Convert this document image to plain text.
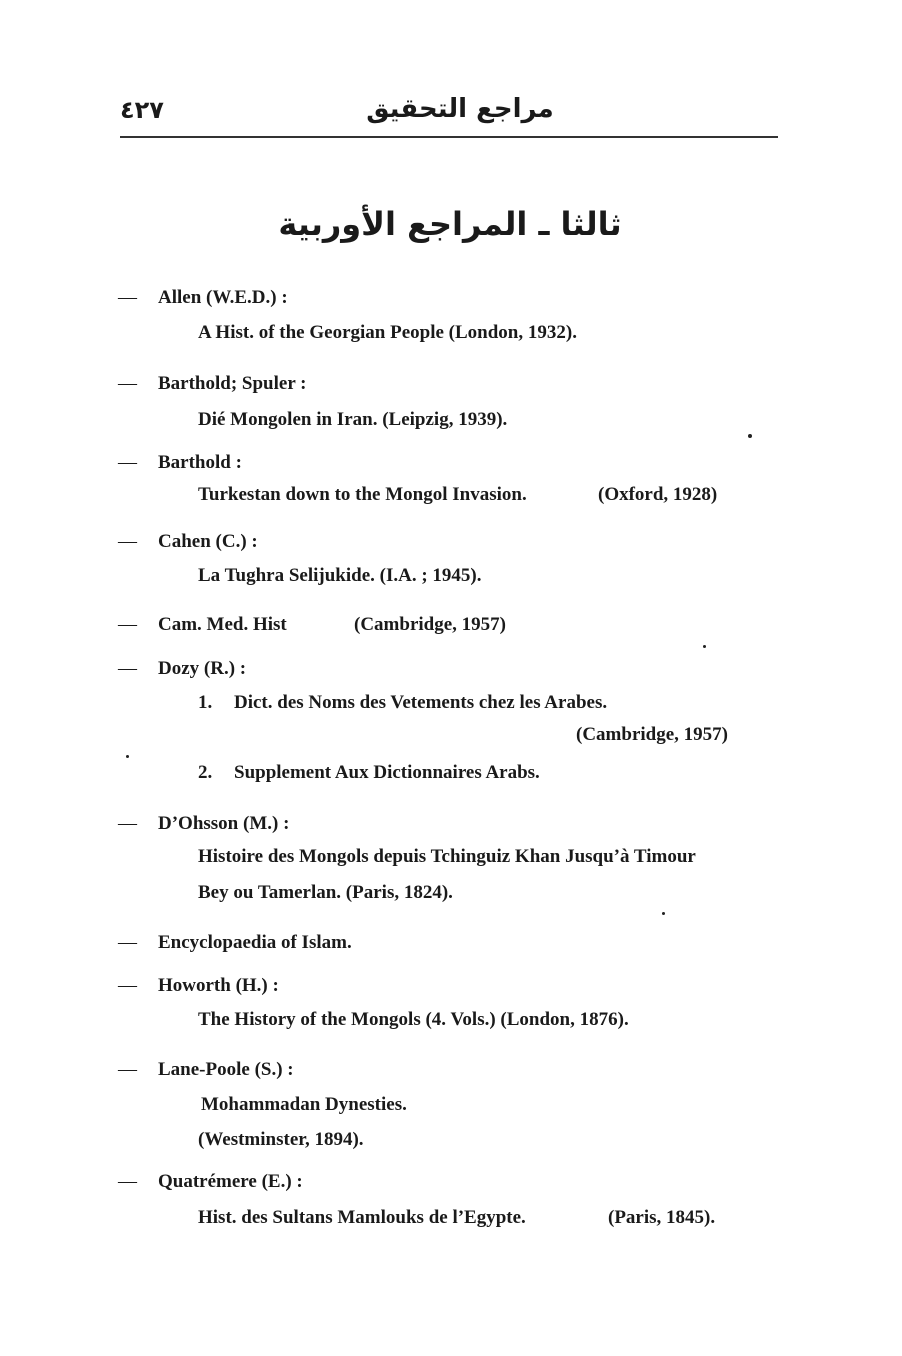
٤٢٧	مراجع التحقيق
ثالثا ـ المراجع الأوربية
— Allen (W.E.D.) :
A Hist. of the Georgian People (London, 1932).
— Barthold; Spuler :
Dié Mongolen in Iran. (Leipzig, 1939).
— Barthold :
Turkestan down to the Mongol Invasion.	(Oxford, 1928)
— Cahen (C.) :
La Tughra Selijukide. (I.A. ; 1945).
— Cam. Med. Hist	(Cambridge, 1957)
— Dozy (R.) :
1. Dict. des Noms des Vetements chez les Arabes.
(Cambridge, 1957)
2. Supplement Aux Dictionnaires Arabs.
— D’Ohsson (M.) :
Histoire des Mongols depuis Tchinguiz Khan Jusqu’à Timour
Bey ou Tamerlan. (Paris, 1824).
— Encyclopaedia of Islam.
— Howorth (H.) :
The History of the Mongols (4. Vols.) (London, 1876).
— Lane-Poole (S.) :
Mohammadan Dynesties.
(Westminster, 1894).
— Quatrémere (E.) :
Hist. des Sultans Mamlouks de l’Egypte.	(Paris, 1845).
